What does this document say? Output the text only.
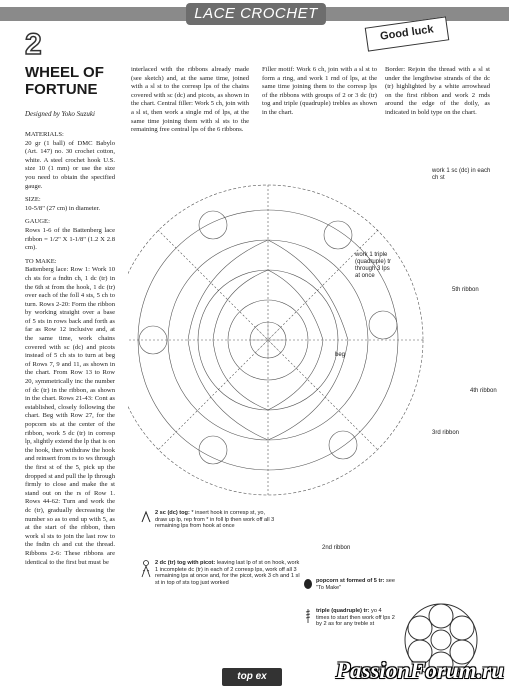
LACE CROCHET
Good luck
2
WHEEL OF FORTUNE
Designed by Yoko Suzuki
MATERIALS:

20 gr (1 ball) of DMC Babylo (Art. 147) no. 30 crochet cotton, white. A steel crochet hook U.S. size 10 (1 mm) or use the size you need to obtain the specified gauge.

SIZE:

10-5/8" (27 cm) in diameter.

GAUGE:

Rows 1-6 of the Battenberg lace ribbon = 1/2" X 1-1/8" (1.2 X 2.8 cm).

TO MAKE:

Battenberg lace: Row 1: Work 10 ch sts for a fndtn ch, 1 dc (tr) in the 6th st from the hook, 1 dc (tr) over each of the foll 4 sts, 5 ch to turn. Rows 2-20: Form the ribbon by working straight over a base of 5 sts in rows back and forth as far as Row 12 inclusive and, at the same time, work chains covered with sc (dc) and picots instead of 5 ch sts to turn at beg of Rows 7, 9 and 11, as shown in the chart. From Row 13 to Row 20, symmetrically inc the number of dc (tr) in the ribbon, as shown in the chart. Rows 21-43: Cont as established, closely following the chart. Beg with Row 27, for the popcorn sts at the center of the ribbon, work 5 dc (tr) in corresp lp, slightly extend the lp that is on the hook, then withdraw the hook and reinsert from rs to ws through the first st of the 5, pick up the dropped st and pull the lp through firmly to close and make the st stand out on the rs of Row 1. Rows 44-62: Turn and work the dc (tr), gradually decreasing the number so as to end up with 5, as at the start of the ribbon, then work sl sts to join the last row to the fndtn ch and cut the thread. Ribbons 2-6: These ribbons are identical to the first but must be

interlaced with the ribbons already made (see sketch) and, at the same time, joined with a sl st to the corresp lps of the chains covered with sc (dc) and picots, as shown in the chart. Central filler: Work 5 ch, join with a sl st, then work a single rnd of lps, at the same time joining them with sl sts to the remaining free central lps of the 6 ribbons.

Filler motif: Work 6 ch, join with a sl st to form a ring, and work 1 rnd of lps, at the same time joining them to the corresp lps of the ribbons with groups of 2 or 3 dc (tr) tog and triple (quadruple) trebles as shown in the chart.

Border: Rejoin the thread with a sl st under the lengthwise strands of the dc (tr) highlighted by a white arrowhead on the first ribbon and work 2 rnds around the edge of the doily, as indicated in bold type on the chart.

work 1 sc (dc) in each ch st
work 1 triple (quadruple) tr through 3 lps at once
beg
5th ribbon
4th ribbon
3rd ribbon
2nd ribbon
2 sc (dc) tog: * insert hook in corresp st, yo, draw up lp, rep from * in foll lp then work off all 3 remaining lps from hook at once
2 dc (tr) tog with picot: leaving last lp of st on hook, work 1 incomplete dc (tr) in each of 2 corresp lps, work off all 3 remaining lps at once and, for the picot, work 3 ch and 1 sl st in top of sts tog just worked	popcorn st formed of 5 tr: see "To Make"
triple (quadruple) tr: yo 4 times to start then work off lps 2 by 2 as for any treble st
top ex	PassionForum.ru
